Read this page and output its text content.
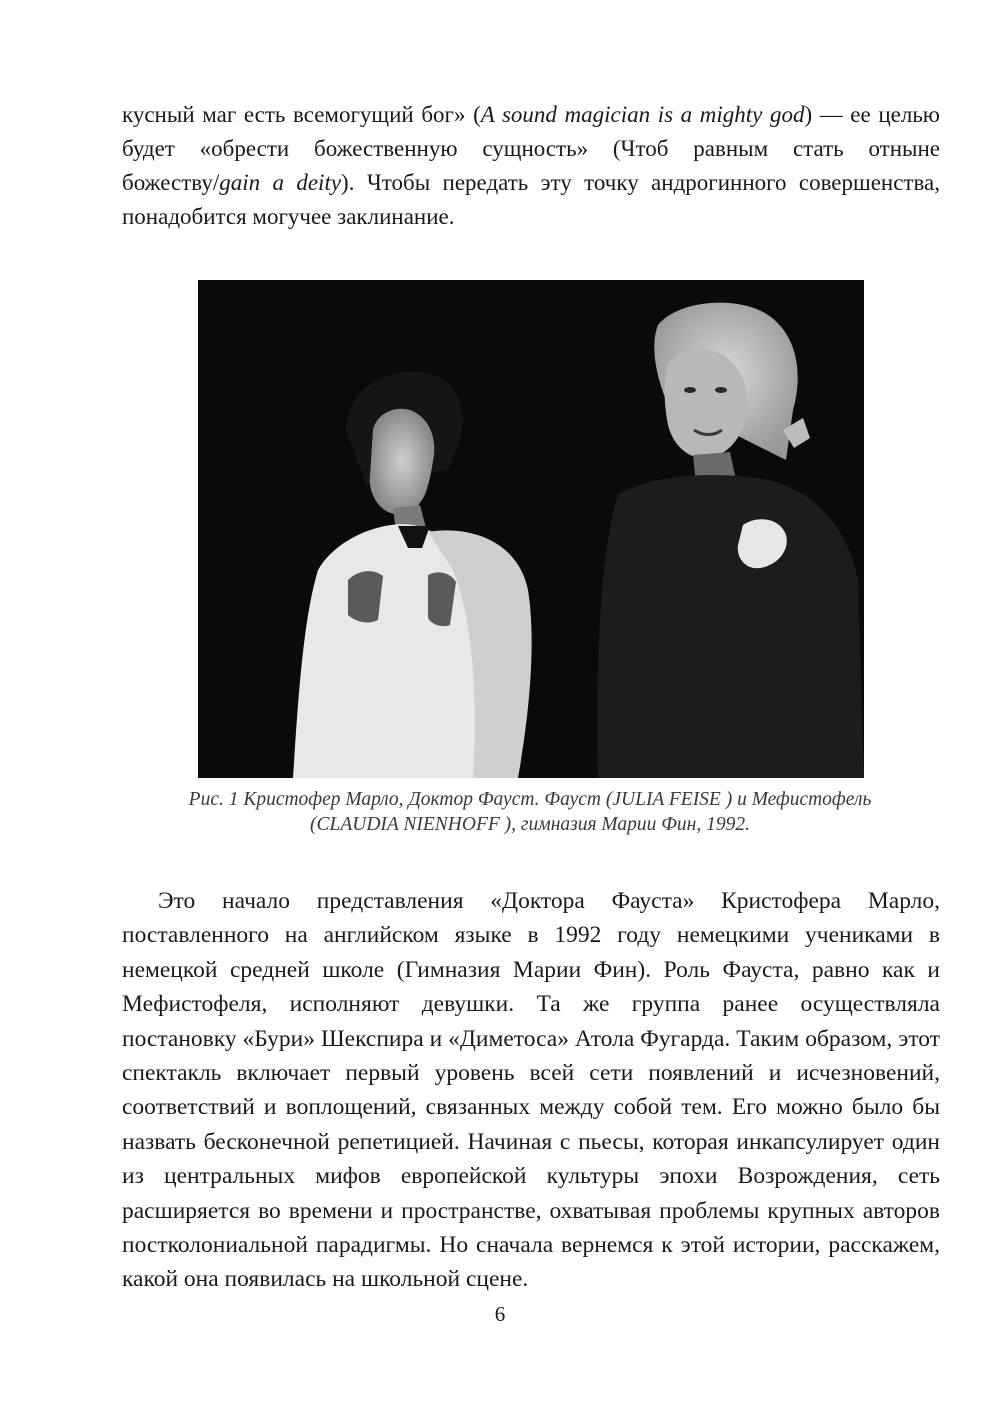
кусный маг есть всемогущий бог» (A sound magician is a mighty god) — ее целью будет «обрести божественную сущность» (Чтоб равным стать отныне божеству/gain a deity). Чтобы передать эту точку андрогинного совершенства, понадобится могучее заклинание.

Рис. 1 Кристофер Марло, Доктор Фауст. Фауст (JULIA FEISE ) и Мефистофель
(CLAUDIA NIENHOFF ), гимназия Марии Фин, 1992.

Это начало представления «Доктора Фауста» Кристофера Марло, поставленного на английском языке в 1992 году немецкими учениками в немецкой средней школе (Гимназия Марии Фин). Роль Фауста, равно как и Мефистофеля, исполняют девушки. Та же группа ранее осуществляла постановку «Бури» Шекспира и «Диметоса» Атола Фугарда. Таким образом, этот спектакль включает первый уровень всей сети появлений и исчезновений, соответствий и воплощений, связанных между собой тем. Его можно было бы назвать бесконечной репетицией. Начиная с пьесы, которая инкапсулирует один из центральных мифов европейской культуры эпохи Возрождения, сеть расширяется во времени и пространстве, охватывая проблемы крупных авторов постколониальной парадигмы. Но сначала вернемся к этой истории, расскажем, какой она появилась на школьной сцене.

6
